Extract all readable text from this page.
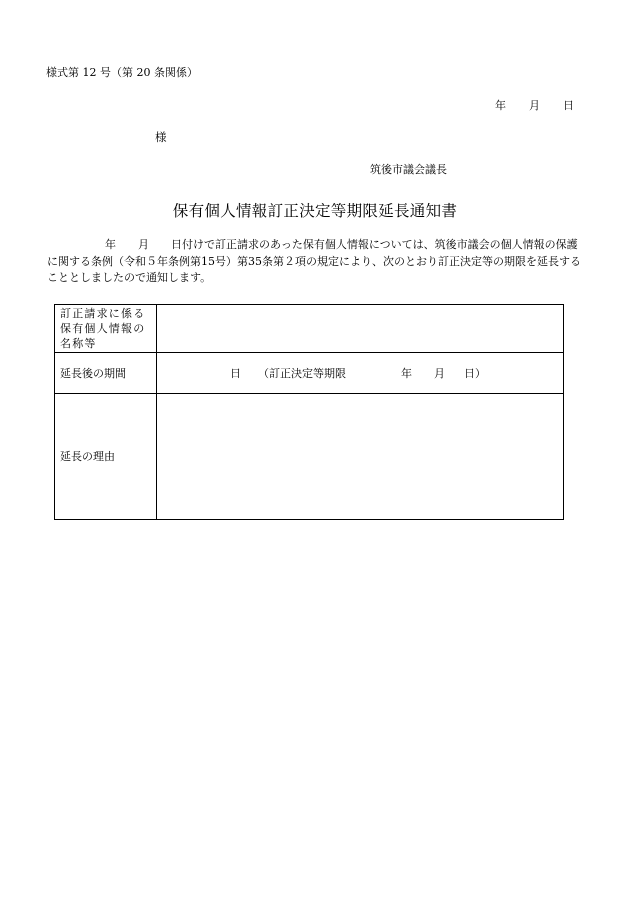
様式第 12 号（第 20 条関係）
年	月	日
様
筑後市議会議長
保有個人情報訂正決定等期限延長通知書
年 月 日付けで訂正請求のあった保有個人情報については、筑後市議会の個人情報の保護に関する条例（令和５年条例第15号）第35条第２項の規定により、次のとおり訂正決定等の期限を延長することとしましたので通知します。
訂正請求に係る保有個人情報の名称等	

延長後の期間	日 （訂正決定等期限 年 月 日）

延長の理由	
